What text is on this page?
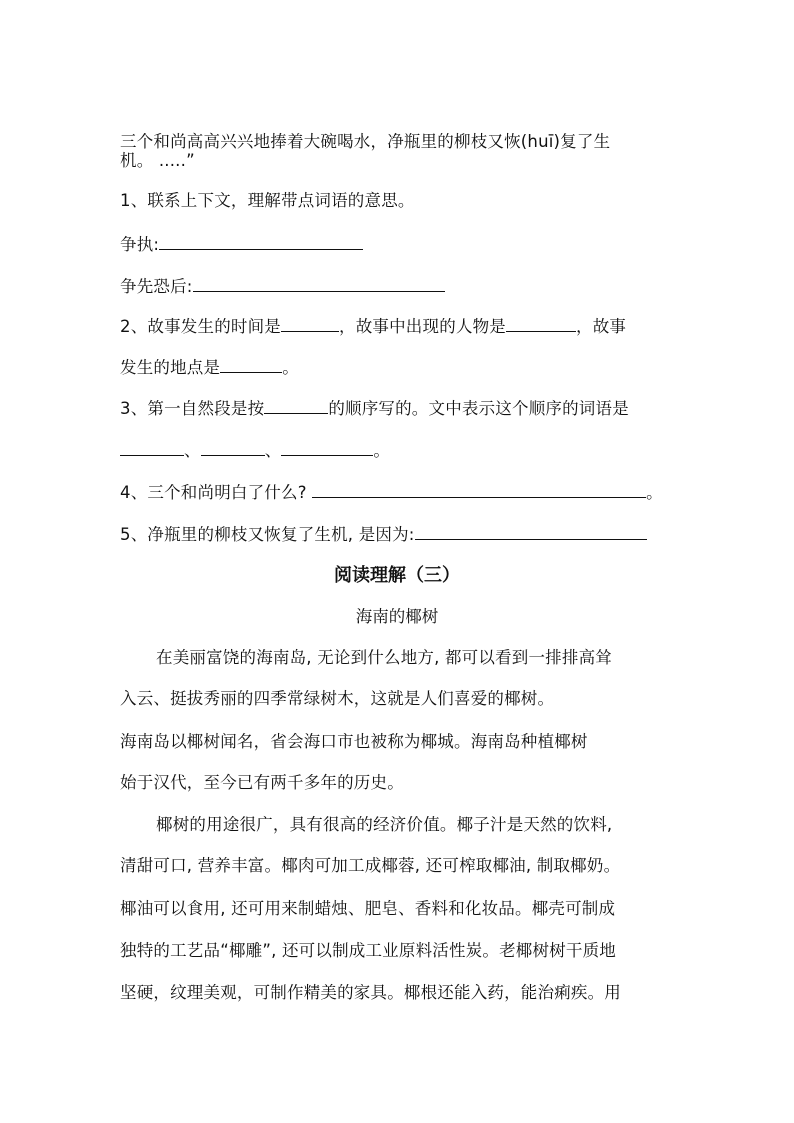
三个和尚高高兴兴地捧着大碗喝水，净瓶里的柳枝又恢(huī)复了生
机。 .....”
1、联系上下文，理解带点词语的意思。
争执:
争先恐后:
2、故事发生的时间是	，故事中出现的人物是	，故事
发生的地点是	。
3、第一自然段是按	的顺序写的。文中表示这个顺序的词语是
、	、	。
4、三个和尚明白了什么?	。
5、净瓶里的柳枝又恢复了生机, 是因为:
阅读理解（三）
海南的椰树
在美丽富饶的海南岛, 无论到什么地方, 都可以看到一排排高耸
入云、挺拔秀丽的四季常绿树木，这就是人们喜爱的椰树。
海南岛以椰树闻名，省会海口市也被称为椰城。海南岛种植椰树
始于汉代，至今已有两千多年的历史。
椰树的用途很广，具有很高的经济价值。椰子汁是天然的饮料,
清甜可口, 营养丰富。椰肉可加工成椰蓉, 还可榨取椰油, 制取椰奶。
椰油可以食用, 还可用来制蜡烛、肥皂、香料和化妆品。椰壳可制成
独特的工艺品“椰雕”, 还可以制成工业原料活性炭。老椰树树干质地
坚硬，纹理美观，可制作精美的家具。椰根还能入药，能治痢疾。用
